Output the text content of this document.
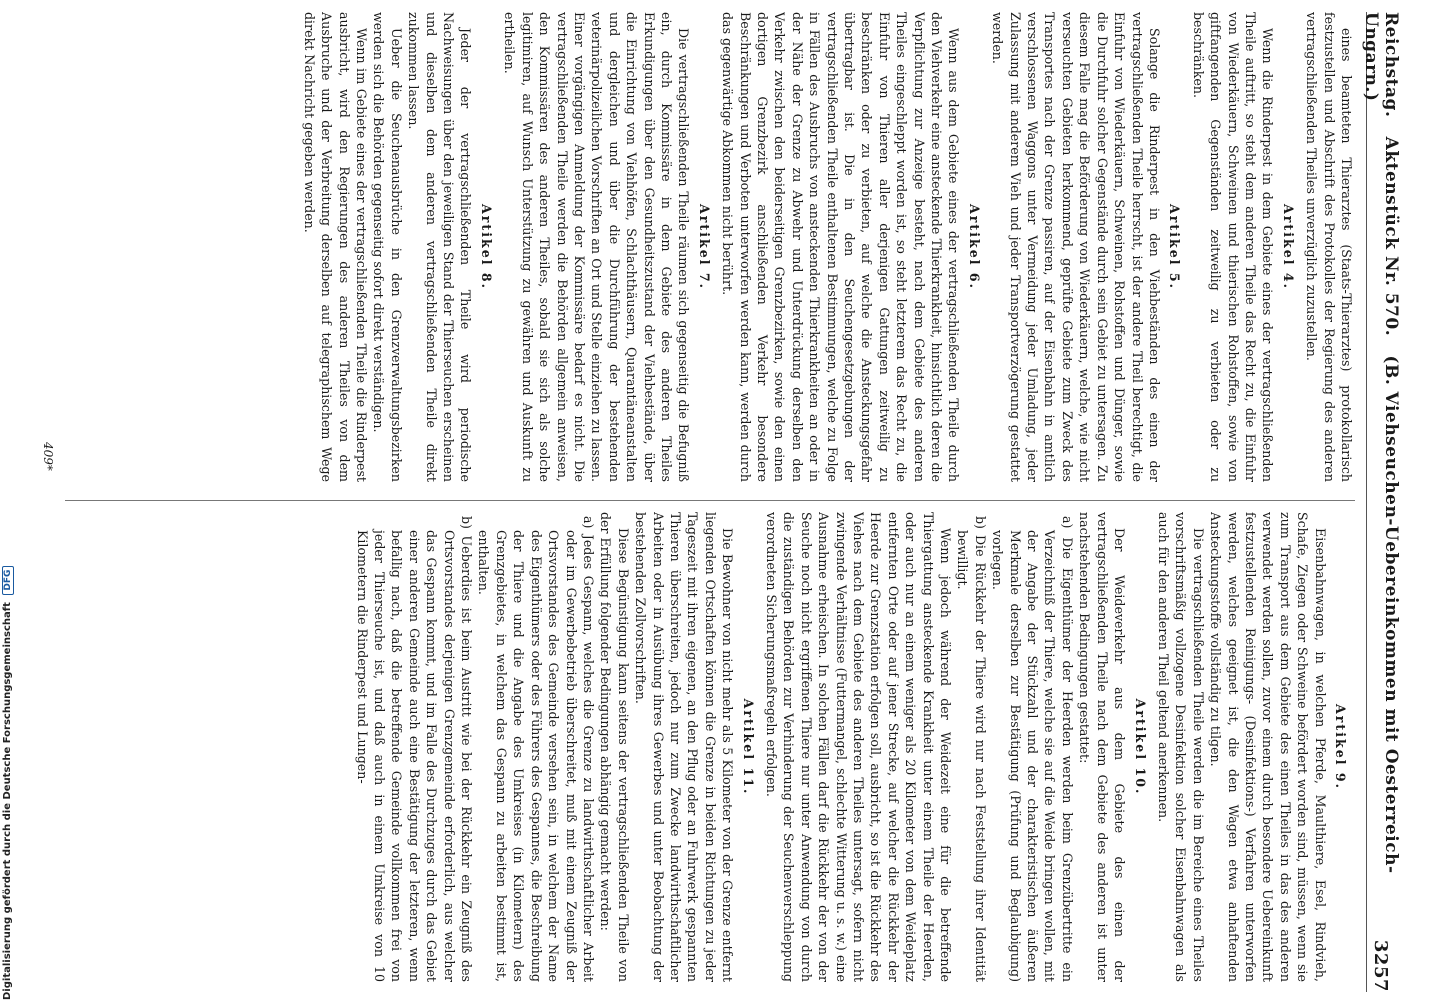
Reichstag.   Aktenstück Nr. 570.   (B. Viehseuchen-Uebereinkommen mit Oesterreich-Ungarn.)
3257

eines beamteten Thierarztes (Staats-Thierarztes) protokollarisch festzustellen und Abschrift des Protokolles der Regierung des anderen vertragschließenden Theiles unverzüglich zuzustellen.

Artikel 4.

Wenn die Rinderpest in dem Gebiete eines der vertragschließenden Theile auftritt, so steht dem anderen Theile das Recht zu, die Einfuhr von Wiederkäuern, Schweinen und thierischen Rohstoffen, sowie von giftfangenden Gegenständen zeitweilig zu verbieten oder zu beschränken.

Artikel 5.

Solange die Rinderpest in den Viehbeständen des einen der vertragschließenden Theile herrscht, ist der andere Theil berechtigt, die Einfuhr von Wiederkäuern, Schweinen, Rohstoffen und Dünger, sowie die Durchfuhr solcher Gegenstände durch sein Gebiet zu untersagen. Zu diesem Falle mag die Beförderung von Wiederkäuern, welche, wie nicht verseuchten Gebieten herkommend, geprüfte Gebiete zum Zweck des Transportes nach der Grenze passiren, auf der Eisenbahn in amtlich verschlossenen Waggons unter Vermeidung jeder Umladung, jeder Zulassung mit anderem Vieh und jeder Transportverzögerung gestattet werden.

Artikel 6.

Wenn aus dem Gebiete eines der vertragschließenden Theile durch den Viehverkehr eine ansteckende Thierkrankheit, hinsichtlich deren die Verpflichtung zur Anzeige besteht, nach dem Gebiete des anderen Theiles eingeschleppt worden ist, so steht letzterem das Recht zu, die Einfuhr von Thieren aller derjenigen Gattungen zeitweilig zu beschränken oder zu verbieten, auf welche die Ansteckungsgefahr übertragbar ist. Die in den Seuchengesetzgebungen der vertragschließenden Theile enthaltenen Bestimmungen, welche zu Folge in Fällen des Ausbruchs von ansteckenden Thierkrankheiten an oder in der Nähe der Grenze zu Abwehr und Unterdrückung derselben den Verkehr zwischen den beiderseitigen Grenzbezirken, sowie den einen dortigen Grenzbezirk anschließenden Verkehr besondere Beschränkungen und Verboten unterworfen werden kann, werden durch das gegenwärtige Abkommen nicht berührt.

Artikel 7.

Die vertragschließenden Theile räumen sich gegenseitig die Befugniß ein, durch Kommissäre in dem Gebiete des anderen Theiles Erkundigungen über den Gesundheitszustand der Viehbestände, über die Einrichtung von Viehhöfen, Schlachthäusern, Quarantäneanstalten und dergleichen und über die Durchführung der bestehenden veterinärpolizeilichen Vorschriften an Ort und Stelle einziehen zu lassen. Einer vorgängigen Anmeldung der Kommissäre bedarf es nicht. Die vertragschließenden Theile werden die Behörden allgemein anweisen, den Kommissären des anderen Theiles, sobald sie sich als solche legitimiren, auf Wunsch Unterstützung zu gewähren und Auskunft zu ertheilen.

Artikel 8.

Jeder der vertragschließenden Theile wird periodische Nachweisungen über den jeweiligen Stand der Thierseuchen erscheinen und dieselben dem anderen vertragschließenden Theile direkt zukommen lassen.

Ueber die Seuchenausbrüche in den Grenzverwaltungsbezirken werden sich die Behörden gegenseitig sofort direkt verständigen.

Wenn im Gebiete eines der vertragschließenden Theile die Rinderpest ausbricht, wird den Regierungen des anderen Theiles von dem Ausbruche und der Verbreitung derselben auf telegraphischem Wege direkt Nachricht gegeben werden.

Artikel 9.

Eisenbahnwagen, in welchen Pferde, Maulthiere, Esel, Rindvieh, Schafe, Ziegen oder Schweine befördert worden sind, müssen, wenn sie zum Transport aus dem Gebiete des einen Theiles in das des anderen verwendet werden sollen, zuvor einem durch besondere Uebereinkunft festzustellenden Reinigungs- (Desinfektions-) Verfahren unterworfen werden, welches geeignet ist, die den Wagen etwa anhaftenden Ansteckungsstoffe vollständig zu tilgen.

Die vertragschließenden Theile werden die im Bereiche eines Theiles vorschriftsmäßig vollzogene Desinfektion solcher Eisenbahnwagen als auch für den anderen Theil geltend anerkennen.

Artikel 10.

Der Weideverkehr aus dem Gebiete des einen der vertragschließenden Theile nach dem Gebiete des anderen ist unter nachstehenden Bedingungen gestattet:

a) Die Eigenthümer der Heerden werden beim Grenzübertritte ein Verzeichniß der Thiere, welche sie auf die Weide bringen wollen, mit der Angabe der Stückzahl und der charakteristischen äußeren Merkmale derselben zur Bestätigung (Prüfung und Beglaubigung) vorlegen.

b) Die Rückkehr der Thiere wird nur nach Feststellung ihrer Identität bewilligt.

Wenn jedoch während der Weidezeit eine für die betreffende Thiergattung ansteckende Krankheit unter einem Theile der Heerden, oder auch nur an einem weniger als 20 Kilometer von dem Weideplatz entfernten Orte oder auf jener Strecke, auf welcher die Rückkehr der Heerde zur Grenzstation erfolgen soll, ausbricht, so ist die Rückkehr des Viehes nach dem Gebiete des anderen Theiles untersagt, sofern nicht zwingende Verhältnisse (Futtermangel, schlechte Witterung u. s. w.) eine Ausnahme erheischen. In solchen Fällen darf die Rückkehr der von der Seuche noch nicht ergriffenen Thiere nur unter Anwendung von durch die zuständigen Behörden zur Verhinderung der Seuchenverschleppung verordneten Sicherungsmaßregeln erfolgen.

Artikel 11.

Die Bewohner von nicht mehr als 5 Kilometer von der Grenze entfernt liegenden Ortschaften können die Grenze in beiden Richtungen zu jeder Tageszeit mit ihren eigenen, an den Pflug oder an Fuhrwerk gespannten Thieren überschreiten, jedoch nur zum Zwecke landwirthschaftlicher Arbeiten oder in Ausübung ihres Gewerbes und unter Beobachtung der bestehenden Zollvorschriften.

Diese Begünstigung kann seitens der vertragschließenden Theile von der Erfüllung folgender Bedingungen abhängig gemacht werden:

a) Jedes Gespann, welches die Grenze zu landwirthschaftlicher Arbeit oder im Gewerbebetrieb überschreitet, muß mit einem Zeugniß der Ortsvorstandes des Gemeinde versehen sein, in welchem der Name des Eigenthümers oder des Führers des Gespannes, die Beschreibung der Thiere und die Angabe des Umkreises (in Kilometern) des Grenzgebietes, in welchem das Gespann zu arbeiten bestimmt ist, enthalten.

b) Ueberdies ist beim Austritt wie bei der Rückkehr ein Zeugniß des Ortsvorstandes derjenigen Grenzgemeinde erforderlich, aus welcher das Gespann kommt, und im Falle des Durchzuges durch das Gebiet einer anderen Gemeinde auch eine Bestätigung der letzteren, wenn befallig nach, daß die betreffende Gemeinde vollkommen frei von jeder Thierseuche ist, und daß auch in einem Umkreise von 10 Kilometern die Rinderpest und Lungen-

409*
Digitalisierung gefördert durch die Deutsche Forschungsgemeinschaft DFG
